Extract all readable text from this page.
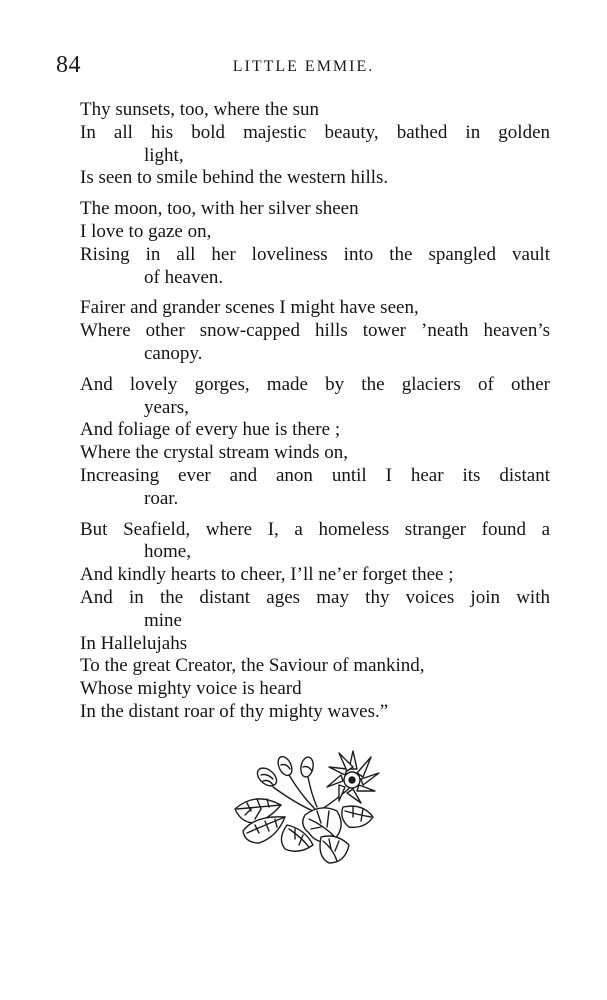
84	LITTLE EMMIE.
Thy sunsets, too, where the sun
In all his bold majestic beauty, bathed in golden
light,
Is seen to smile behind the western hills.
The moon, too, with her silver sheen
I love to gaze on,
Rising in all her loveliness into the spangled vault
of heaven.
Fairer and grander scenes I might have seen,
Where other snow-capped hills tower ’neath heaven’s
canopy.
And lovely gorges, made by the glaciers of other
years,
And foliage of every hue is there ;
Where the crystal stream winds on,
Increasing ever and anon until I hear its distant
roar.
But Seafield, where I, a homeless stranger found a
home,
And kindly hearts to cheer, I’ll ne’er forget thee ;
And in the distant ages may thy voices join with
mine
In Hallelujahs
To the great Creator, the Saviour of mankind,
Whose mighty voice is heard
In the distant roar of thy mighty waves.”
